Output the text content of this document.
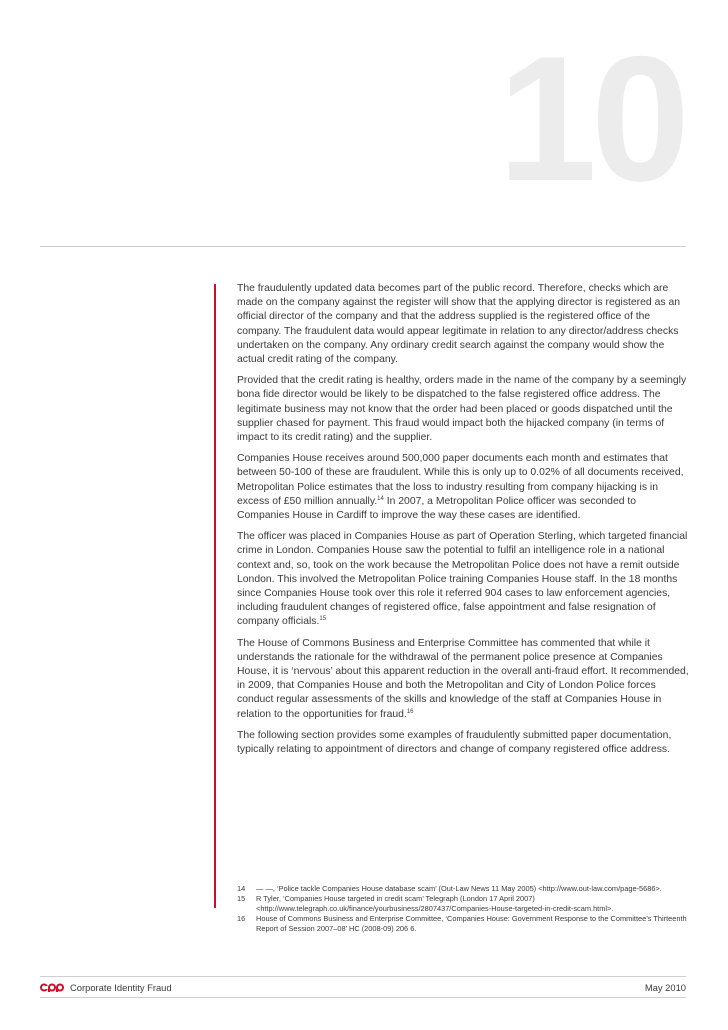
10

The fraudulently updated data becomes part of the public record. Therefore, checks which are made on the company against the register will show that the applying director is registered as an official director of the company and that the address supplied is the registered office of the company. The fraudulent data would appear legitimate in relation to any director/address checks undertaken on the company. Any ordinary credit search against the company would show the actual credit rating of the company.

Provided that the credit rating is healthy, orders made in the name of the company by a seemingly bona fide director would be likely to be dispatched to the false registered office address. The legitimate business may not know that the order had been placed or goods dispatched until the supplier chased for payment. This fraud would impact both the hijacked company (in terms of impact to its credit rating) and the supplier.

Companies House receives around 500,000 paper documents each month and estimates that between 50-100 of these are fraudulent. While this is only up to 0.02% of all documents received, Metropolitan Police estimates that the loss to industry resulting from company hijacking is in excess of £50 million annually.$^{14}$ In 2007, a Metropolitan Police officer was seconded to Companies House in Cardiff to improve the way these cases are identified.

The officer was placed in Companies House as part of Operation Sterling, which targeted financial crime in London. Companies House saw the potential to fulfil an intelligence role in a national context and, so, took on the work because the Metropolitan Police does not have a remit outside London. This involved the Metropolitan Police training Companies House staff. In the 18 months since Companies House took over this role it referred 904 cases to law enforcement agencies, including fraudulent changes of registered office, false appointment and false resignation of company officials.$^{15}$

The House of Commons Business and Enterprise Committee has commented that while it understands the rationale for the withdrawal of the permanent police presence at Companies House, it is ‘nervous’ about this apparent reduction in the overall anti-fraud effort. It recommended, in 2009, that Companies House and both the Metropolitan and City of London Police forces conduct regular assessments of the skills and knowledge of the staff at Companies House in relation to the opportunities for fraud.$^{16}$

The following section provides some examples of fraudulently submitted paper documentation, typically relating to appointment of directors and change of company registered office address.

14	— —, ‘Police tackle Companies House database scam’ (Out-Law News 11 May 2005) <http://www.out-law.com/page-5686>.
15	R Tyler, ‘Companies House targeted in credit scam’ Telegraph (London 17 April 2007) <http://www.telegraph.co.uk/finance/yourbusiness/2807437/Companies-House-targeted-in-credit-scam.html>.
16	House of Commons Business and Enterprise Committee, ‘Companies House: Government Response to the Committee’s Thirteenth Report of Session 2007–08’ HC (2008-09) 206 6.
Corporate Identity Fraud	May 2010
